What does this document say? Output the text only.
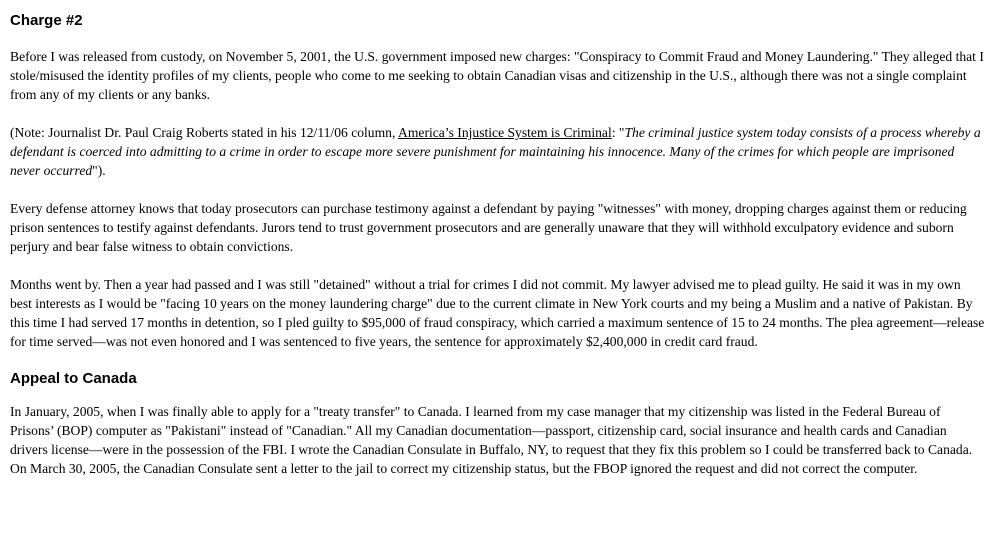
Charge #2

Before I was released from custody, on November 5, 2001, the U.S. government imposed new charges: "Conspiracy to Commit Fraud and Money Laundering." They alleged that I stole/misused the identity profiles of my clients, people who come to me seeking to obtain Canadian visas and citizenship in the U.S., although there was not a single complaint from any of my clients or any banks.

(Note: Journalist Dr. Paul Craig Roberts stated in his 12/11/06 column, America’s Injustice System is Criminal: "The criminal justice system today consists of a process whereby a defendant is coerced into admitting to a crime in order to escape more severe punishment for maintaining his innocence. Many of the crimes for which people are imprisoned never occurred").

Every defense attorney knows that today prosecutors can purchase testimony against a defendant by paying "witnesses" with money, dropping charges against them or reducing prison sentences to testify against defendants. Jurors tend to trust government prosecutors and are generally unaware that they will withhold exculpatory evidence and suborn perjury and bear false witness to obtain convictions.

Months went by. Then a year had passed and I was still "detained" without a trial for crimes I did not commit. My lawyer advised me to plead guilty. He said it was in my own best interests as I would be "facing 10 years on the money laundering charge" due to the current climate in New York courts and my being a Muslim and a native of Pakistan. By this time I had served 17 months in detention, so I pled guilty to $95,000 of fraud conspiracy, which carried a maximum sentence of 15 to 24 months. The plea agreement—release for time served—was not even honored and I was sentenced to five years, the sentence for approximately $2,400,000 in credit card fraud.

Appeal to Canada

In January, 2005, when I was finally able to apply for a "treaty transfer" to Canada. I learned from my case manager that my citizenship was listed in the Federal Bureau of Prisons’ (BOP) computer as "Pakistani" instead of "Canadian." All my Canadian documentation—passport, citizenship card, social insurance and health cards and Canadian drivers license—were in the possession of the FBI. I wrote the Canadian Consulate in Buffalo, NY, to request that they fix this problem so I could be transferred back to Canada. On March 30, 2005, the Canadian Consulate sent a letter to the jail to correct my citizenship status, but the FBOP ignored the request and did not correct the computer.
